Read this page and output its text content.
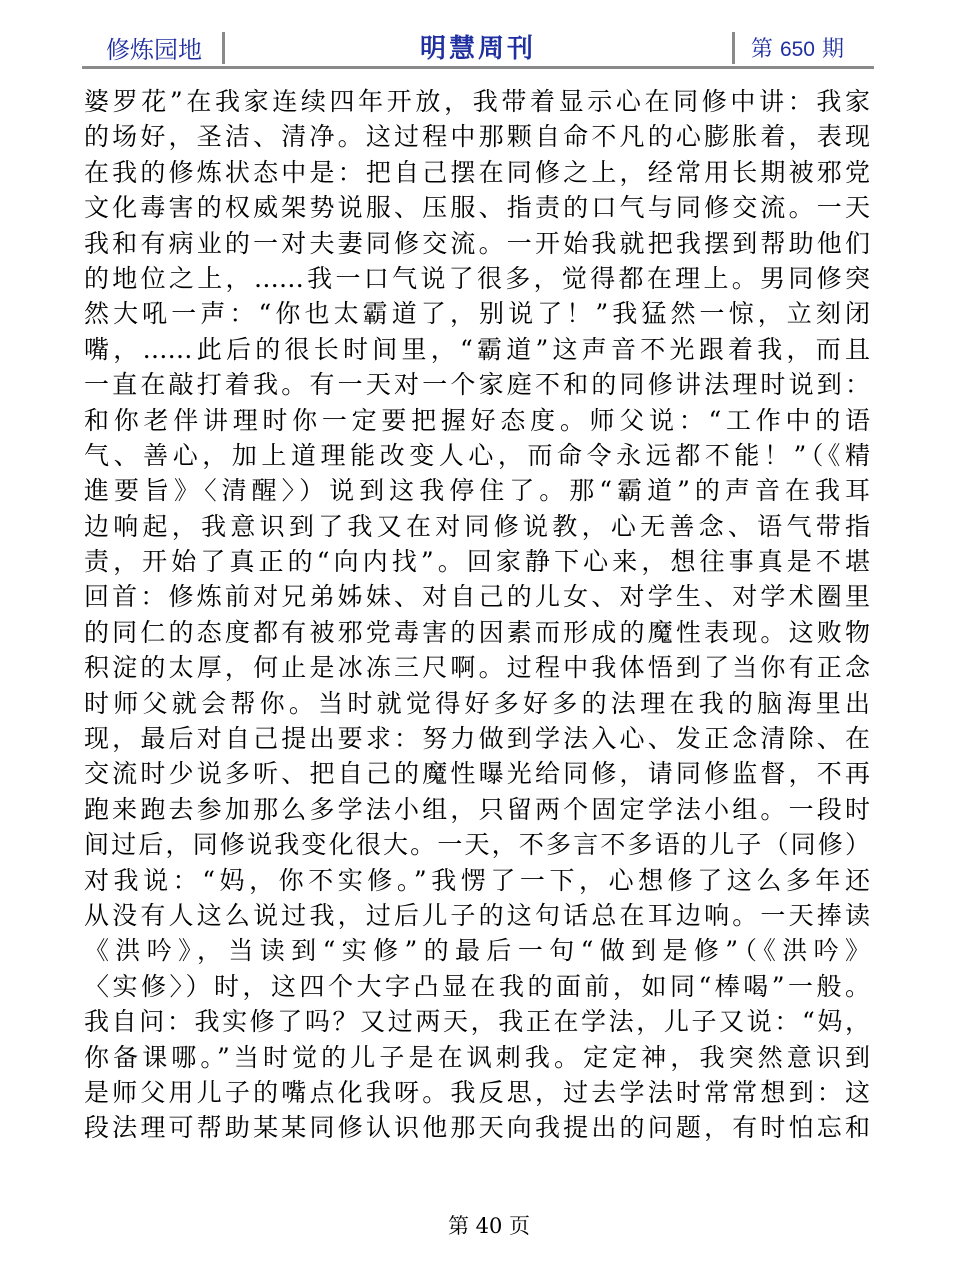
修炼园地	明慧周刊	第 650 期
婆罗花”在我家连续四年开放，我带着显示心在同修中讲：我家
的场好，圣洁、清净。这过程中那颗自命不凡的心膨胀着，表现
在我的修炼状态中是：把自己摆在同修之上，经常用长期被邪党
文化毒害的权威架势说服、压服、指责的口气与同修交流。一天
我和有病业的一对夫妻同修交流。一开始我就把我摆到帮助他们
的地位之上，……我一口气说了很多，觉得都在理上。男同修突
然大吼一声：“你也太霸道了，别说了！”我猛然一惊，立刻闭
嘴，……此后的很长时间里，“霸道”这声音不光跟着我，而且
一直在敲打着我。有一天对一个家庭不和的同修讲法理时说到：
和你老伴讲理时你一定要把握好态度。师父说：“工作中的语
气、善心，加上道理能改变人心，而命令永远都不能！”（《精
進要旨》〈清醒〉）说到这我停住了。那“霸道”的声音在我耳
边响起，我意识到了我又在对同修说教，心无善念、语气带指
责，开始了真正的“向内找”。回家静下心来，想往事真是不堪
回首：修炼前对兄弟姊妹、对自己的儿女、对学生、对学术圈里
的同仁的态度都有被邪党毒害的因素而形成的魔性表现。这败物
积淀的太厚，何止是冰冻三尺啊。过程中我体悟到了当你有正念
时师父就会帮你。当时就觉得好多好多的法理在我的脑海里出
现，最后对自己提出要求：努力做到学法入心、发正念清除、在
交流时少说多听、把自己的魔性曝光给同修，请同修监督，不再
跑来跑去参加那么多学法小组，只留两个固定学法小组。一段时
间过后，同修说我变化很大。一天，不多言不多语的儿子（同修）
对我说：“妈，你不实修。”我愣了一下，心想修了这么多年还
从没有人这么说过我，过后儿子的这句话总在耳边响。一天捧读
《洪吟》，当读到“实修”的最后一句“做到是修”（《洪吟》
〈实修〉）时，这四个大字凸显在我的面前，如同“棒喝”一般。
我自问：我实修了吗？又过两天，我正在学法，儿子又说：“妈，
你备课哪。”当时觉的儿子是在讽刺我。定定神，我突然意识到
是师父用儿子的嘴点化我呀。我反思，过去学法时常常想到：这
段法理可帮助某某同修认识他那天向我提出的问题，有时怕忘和
第 40 页
